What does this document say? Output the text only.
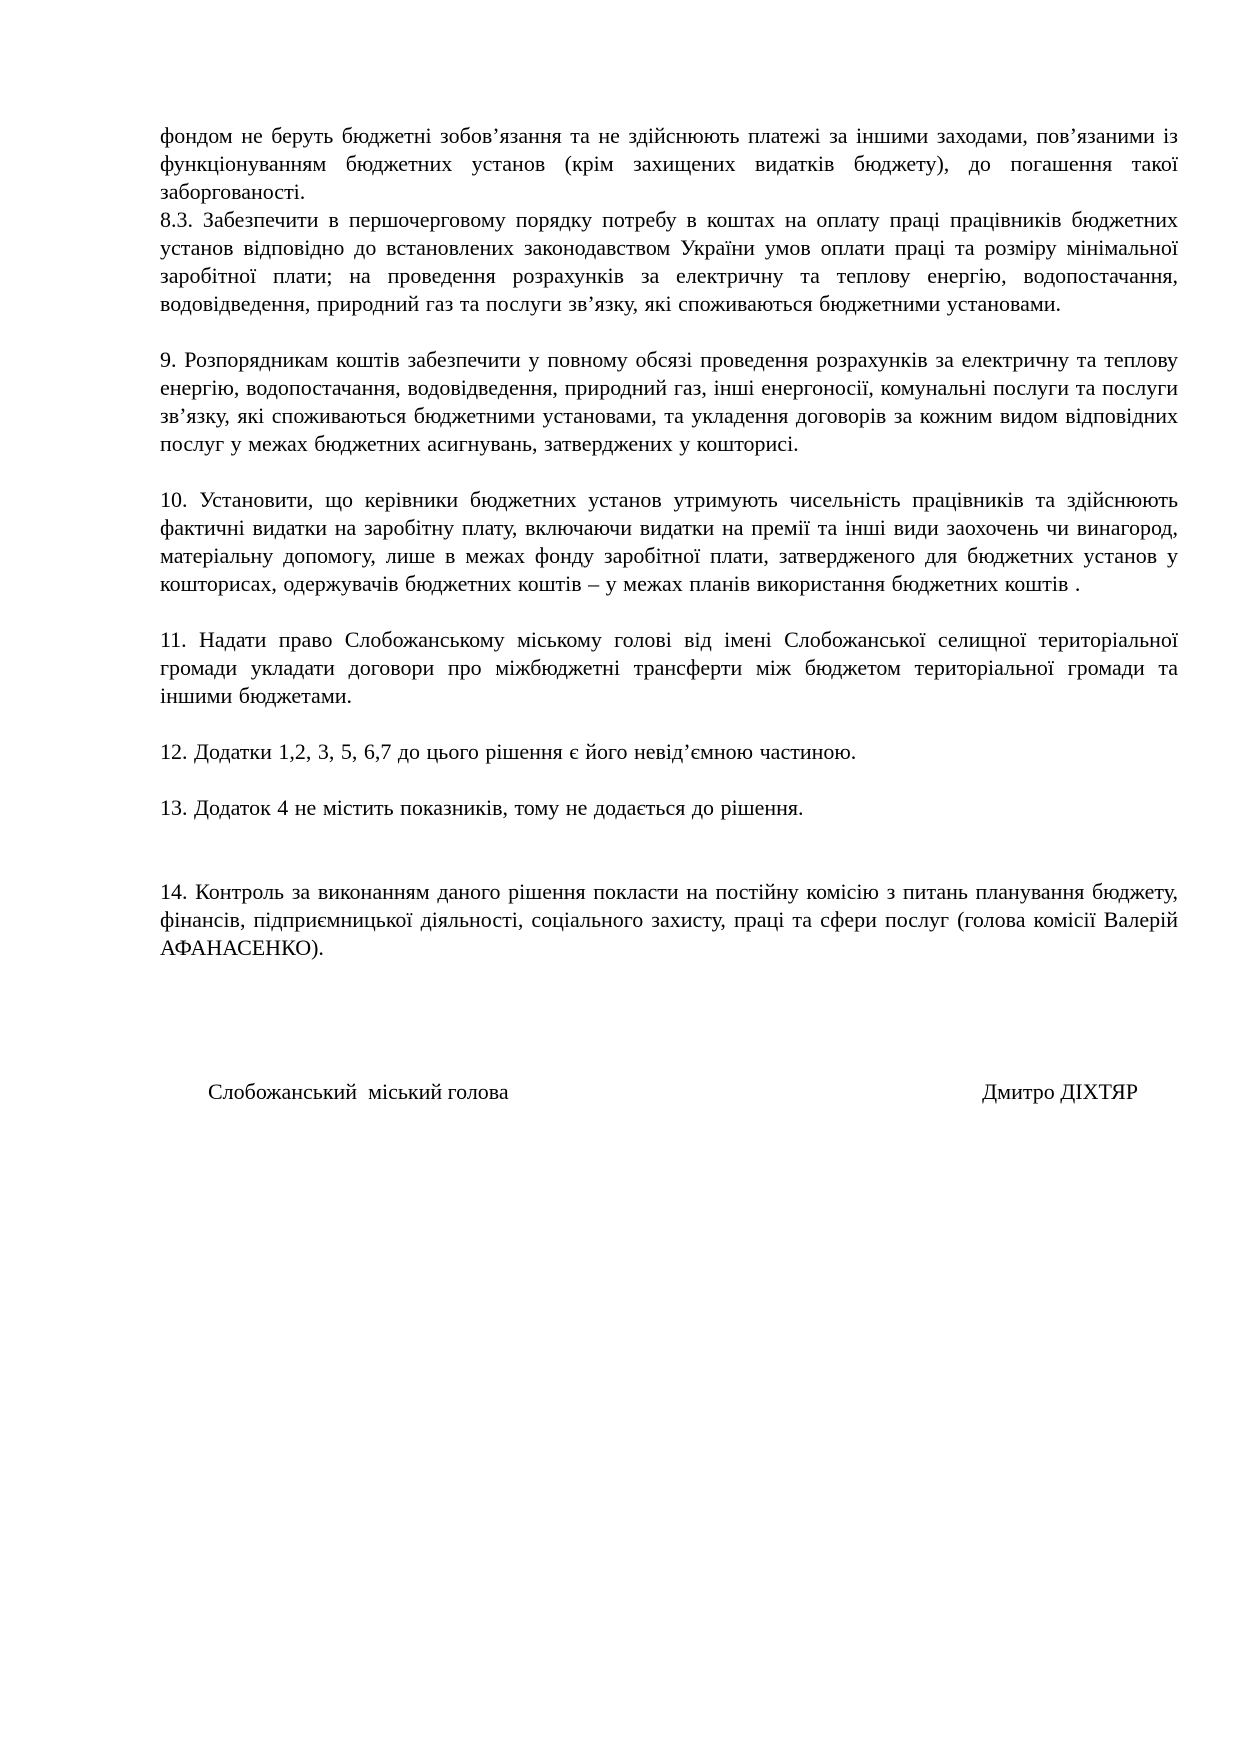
фондом не беруть бюджетні зобов’язання та не здійснюють платежі за іншими заходами, пов’язаними із функціонуванням бюджетних установ (крім захищених видатків бюджету), до погашення такої заборгованості.

8.3. Забезпечити в першочерговому порядку потребу в коштах на оплату праці працівників бюджетних установ відповідно до встановлених законодавством України умов оплати праці та розміру мінімальної заробітної плати; на проведення розрахунків за електричну та теплову енергію, водопостачання, водовідведення, природний газ та послуги зв’язку, які споживаються бюджетними установами.

9. Розпорядникам коштів забезпечити у повному обсязі проведення розрахунків за електричну та теплову енергію, водопостачання, водовідведення, природний газ, інші енергоносії, комунальні послуги та послуги зв’язку, які споживаються бюджетними установами, та укладення договорів за кожним видом відповідних послуг у межах бюджетних асигнувань, затверджених у кошторисі.

10. Установити, що керівники бюджетних установ утримують чисельність працівників та здійснюють фактичні видатки на заробітну плату, включаючи видатки на премії та інші види заохочень чи винагород, матеріальну допомогу, лише в межах фонду заробітної плати, затвердженого для бюджетних установ у кошторисах, одержувачів бюджетних коштів – у межах планів використання бюджетних коштів .

11. Надати право Слобожанському міському голові від імені Слобожанської селищної територіальної громади укладати договори про міжбюджетні трансферти між бюджетом територіальної громади та іншими бюджетами.

12. Додатки 1,2, 3, 5, 6,7 до цього рішення є його невід’ємною частиною.

13. Додаток 4 не містить показників, тому не додається до рішення.

14. Контроль за виконанням даного рішення покласти на постійну комісію з питань планування бюджету, фінансів, підприємницької діяльності, соціального захисту, праці та сфери послуг (голова комісії Валерій АФАНАСЕНКО).

Слобожанський  міський голова	Дмитро ДІХТЯР
